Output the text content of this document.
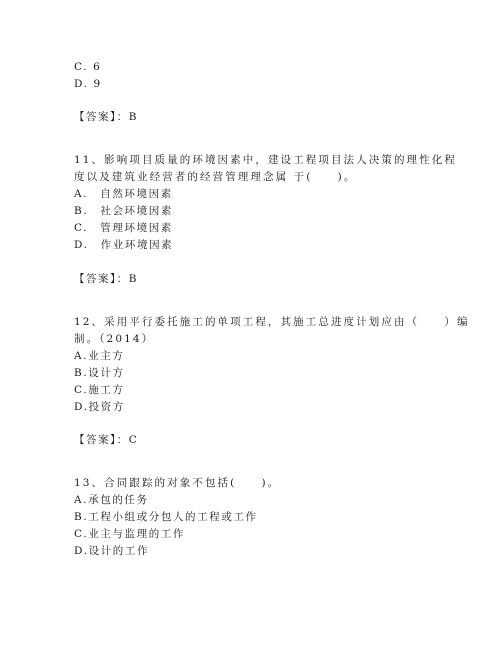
C. 6
D. 9
【答案】：B
11、影响项目质量的环境因素中，建设工程项目法人决策的理性化程
度以及建筑业经营者的经营管理理念属 于(　　)。
A.　自然环境因素
B.　社会环境因素
C.　管理环境因素
D.　作业环境因素
【答案】：B
12、采用平行委托施工的单项工程，其施工总进度计划应由（　　）编
制。（2014）
A.业主方
B.设计方
C.施工方
D.投资方
【答案】：C
13、合同跟踪的对象不包括(　　)。
A.承包的任务
B.工程小组或分包人的工程或工作
C.业主与监理的工作
D.设计的工作
